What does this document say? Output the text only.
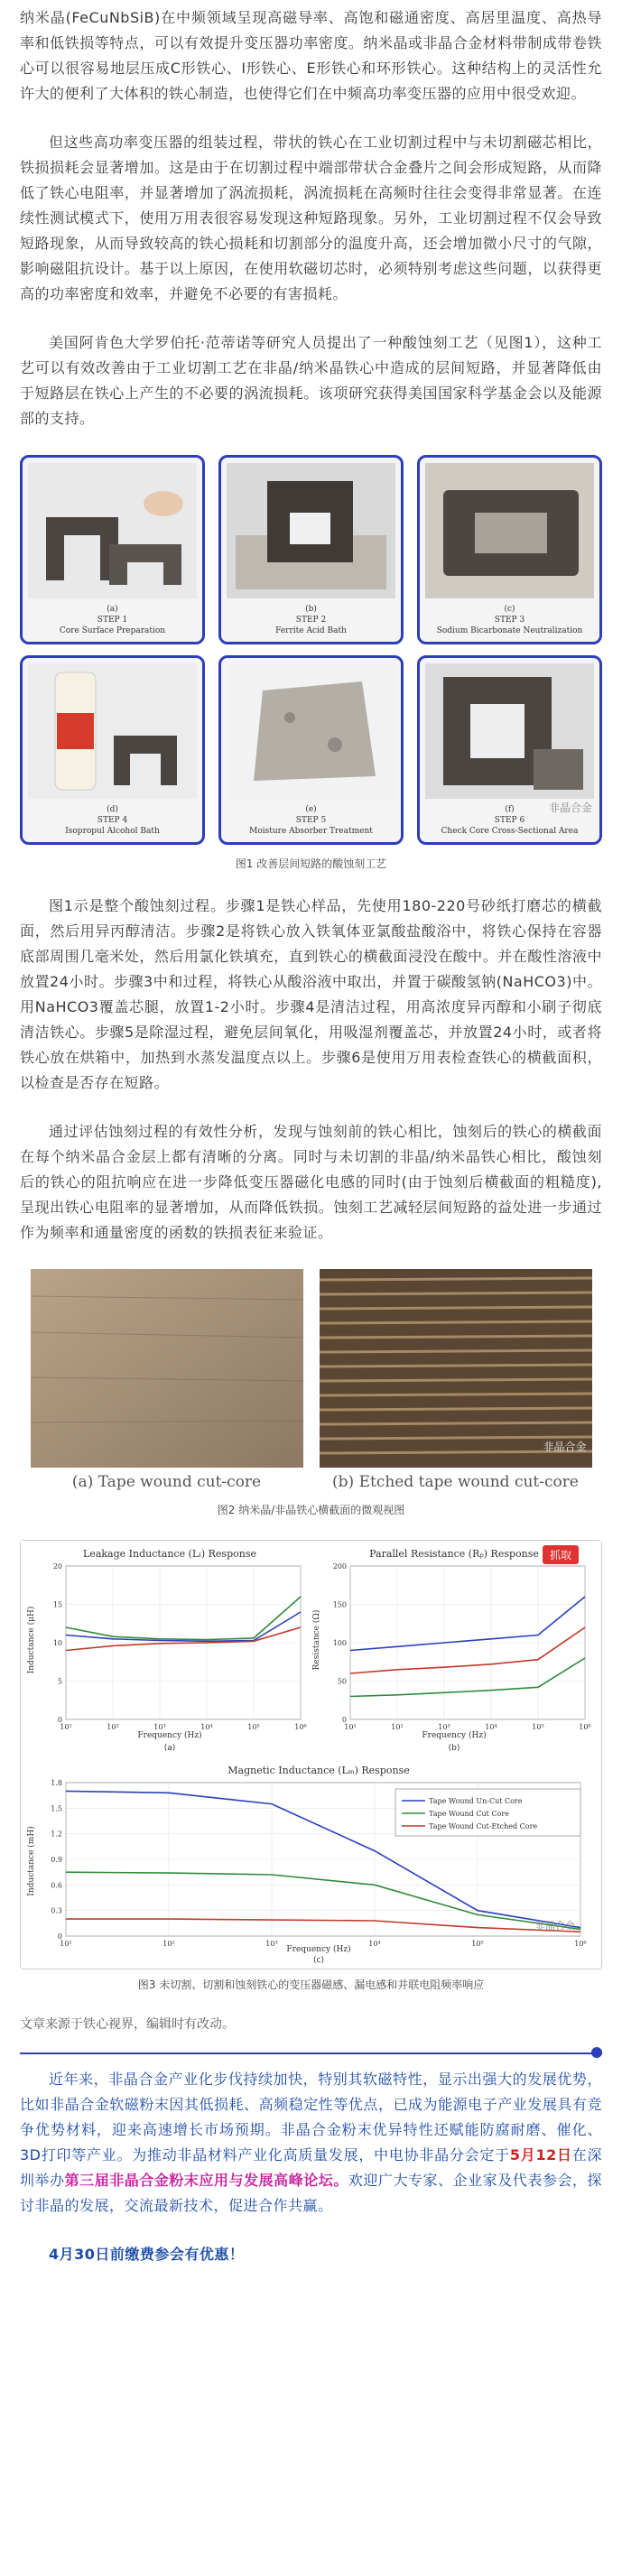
纳米晶(FeCuNbSiB)在中频领域呈现高磁导率、高饱和磁通密度、高居里温度、高热导率和低铁损等特点，可以有效提升变压器功率密度。纳米晶或非晶合金材料带制成带卷铁心可以很容易地层压成C形铁心、I形铁心、E形铁心和环形铁心。这种结构上的灵活性允许大的便利了大体积的铁心制造，也使得它们在中频高功率变压器的应用中很受欢迎。

但这些高功率变压器的组装过程，带状的铁心在工业切割过程中与未切割磁芯相比，铁损损耗会显著增加。这是由于在切割过程中端部带状合金叠片之间会形成短路，从而降低了铁心电阻率，并显著增加了涡流损耗，涡流损耗在高频时往往会变得非常显著。在连续性测试模式下，使用万用表很容易发现这种短路现象。另外，工业切割过程不仅会导致短路现象，从而导致较高的铁心损耗和切割部分的温度升高，还会增加微小尺寸的气隙，影响磁阻抗设计。基于以上原因，在使用软磁切芯时，必须特别考虑这些问题，以获得更高的功率密度和效率，并避免不必要的有害损耗。

美国阿肯色大学罗伯托·范蒂诺等研究人员提出了一种酸蚀刻工艺（见图1），这种工艺可以有效改善由于工业切割工艺在非晶/纳米晶铁心中造成的层间短路，并显著降低由于短路层在铁心上产生的不必要的涡流损耗。该项研究获得美国国家科学基金会以及能源部的支持。

(a)
STEP 1
Core Surface Preparation
(b)
STEP 2
Ferrite Acid Bath
(c)
STEP 3
Sodium Bicarbonate Neutralization
(d)
STEP 4
Isopropul Alcohol Bath
(e)
STEP 5
Moisture Absorber Treatment
(f)
STEP 6
Check Core Cross-Sectional Area
非晶合金
图1 改善层间短路的酸蚀刻工艺

图1示是整个酸蚀刻过程。步骤1是铁心样品，先使用180-220号砂纸打磨芯的横截面，然后用异丙醇清洁。步骤2是将铁心放入铁氧体亚氯酸盐酸浴中，将铁心保持在容器底部周围几毫米处，然后用氯化铁填充，直到铁心的横截面浸没在酸中。并在酸性溶液中放置24小时。步骤3中和过程，将铁心从酸浴液中取出，并置于碳酸氢钠(NaHCO3)中。用NaHCO3覆盖芯腿，放置1-2小时。步骤4是清洁过程，用高浓度异丙醇和小刷子彻底清洁铁心。步骤5是除湿过程，避免层间氧化，用吸湿剂覆盖芯，并放置24小时，或者将铁心放在烘箱中，加热到水蒸发温度点以上。步骤6是使用万用表检查铁心的横截面积，以检查是否存在短路。

通过评估蚀刻过程的有效性分析，发现与蚀刻前的铁心相比，蚀刻后的铁心的横截面在每个纳米晶合金层上都有清晰的分离。同时与未切割的非晶/纳米晶铁心相比，酸蚀刻后的铁心的阻抗响应在进一步降低变压器磁化电感的同时(由于蚀刻后横截面的粗糙度),呈现出铁心电阻率的显著增加，从而降低铁损。蚀刻工艺减轻层间短路的益处进一步通过作为频率和通量密度的函数的铁损表征来验证。

(a) Tape wound cut-core	(b) Etched tape wound cut-core
非晶合金
图2 纳米晶/非晶铁心横截面的微观视图
Leakage Inductance (Lₗ) Response	Parallel Resistance (Rₚ) Response
Magnetic Inductance (Lₘ) Response
Inductance (μH)	Resistance (Ω)
Inductance (mH)
Frequency (Hz)	Frequency (Hz)
Frequency (Hz)
(a)	(b)
(c)
10¹	10²	10³	10⁴	10⁵	10⁶
0
5
10
15
20
10¹	10²	10³	10⁴	10⁵	10⁶
0
50
100
150
200
10¹	10²	10³	10⁴	10⁵	10⁶
0
0.3
0.6
0.9
1.2
1.5
1.8
Tape Wound Un-Cut Core
Tape Wound Cut Core
Tape Wound Cut-Etched Core
非晶合金
抓取
图3 未切割、切割和蚀刻铁心的变压器磁感、漏电感和并联电阻频率响应

文章来源于铁心视界，编辑时有改动。

近年来，非晶合金产业化步伐持续加快，特别其软磁特性，显示出强大的发展优势，比如非晶合金软磁粉末因其低损耗、高频稳定性等优点，已成为能源电子产业发展具有竞争优势材料，迎来高速增长市场预期。非晶合金粉末优异特性还赋能防腐耐磨、催化、3D打印等产业。为推动非晶材料产业化高质量发展，中电协非晶分会定于5月12日在深圳举办第三届非晶合金粉末应用与发展高峰论坛。欢迎广大专家、企业家及代表参会，探讨非晶的发展，交流最新技术，促进合作共赢。

4月30日前缴费参会有优惠！
